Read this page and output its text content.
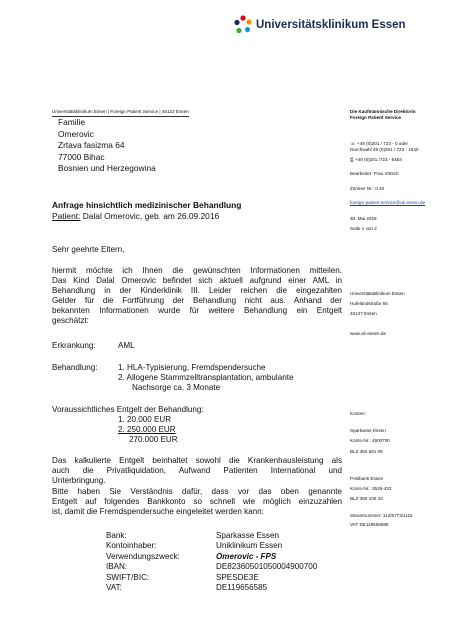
Universitätsklinikum Essen
Universitätsklinikum Essen | Foreign Patient Service | 45122 Essen
Familie
Omerovic
Zrtava fasizma 64
77000 Bihac
Bosnien und Herzegowina
Anfrage hinsichtlich medizinischer Behandlung
Patient: Dalal Omerovic, geb. am 26.09.2016
Sehr geehrte Eltern,
hiermit möchte ich Ihnen die gewünschten Informationen mitteilen.
Das Kind Dalal Omerovic befindet sich aktuell aufgrund einer AML in
Behandlung in der Kinderklinik III. Leider reichen die eingezahlten
Gelder für die Fortführung der Behandlung nicht aus. Anhand der
bekannten Informationen wurde für weitere Behandlung ein Entgelt
geschätzt:
Erkrankung:	AML
Behandlung:	1. HLA-Typisierung, Fremdspendersuche
2. Allogene Stammzelltransplantation, ambulante
Nachsorge ca. 3 Monate
Voraussichtliches Entgelt der Behandlung:
1. 20.000 EUR
2. 250.000 EUR
270.000 EUR
Das kalkulierte Entgelt beinhaltet sowohl die Krankenhausleistung als
auch die Privatliquidation, Aufwand Patienten International und
Unterbringung.
Bitte haben Sie Verständnis dafür, dass vor das oben genannte
Entgelt auf folgendes Bankkonto so schnell wie möglich einzuzahlen
ist, damit die Fremdspendersuche eingeleitet werden kann:
Bank:	Sparkasse Essen
Kontoinhaber:	Uniklinikum Essen
Verwendungszweck:	Omerovic - FPS
IBAN:	DE82360501050004900700
SWIFT/BIC:	SPESDE3E
VAT:	DE119656585
Die Kaufmännische Direktorin
Foreign Patient Service
☏ +49 (0)201 / 723 - 0 oder
Durchwahl 49 (0)201 / 723 - 1640
⎙ +49 (0)201 /723 - 5454
Bearbeiter: Frau Vötsch
Zimmer Nr.: 0.40
foreign-patient-service@uk-essen.de
30. Mai 2018
Seite 1 von 2
Universitätsklinikum Essen
Hufelandstraße 55
45147 Essen
www.uk-essen.de
Konten:
Sparkasse Essen
Konto-Nr.: 4900700
BLZ 360 501 05
Postbank Essen
Konto-Nr.: 3526-432
BLZ 360 100 43
Steuernummer: 112/5773/1115
VAT DE119656585
